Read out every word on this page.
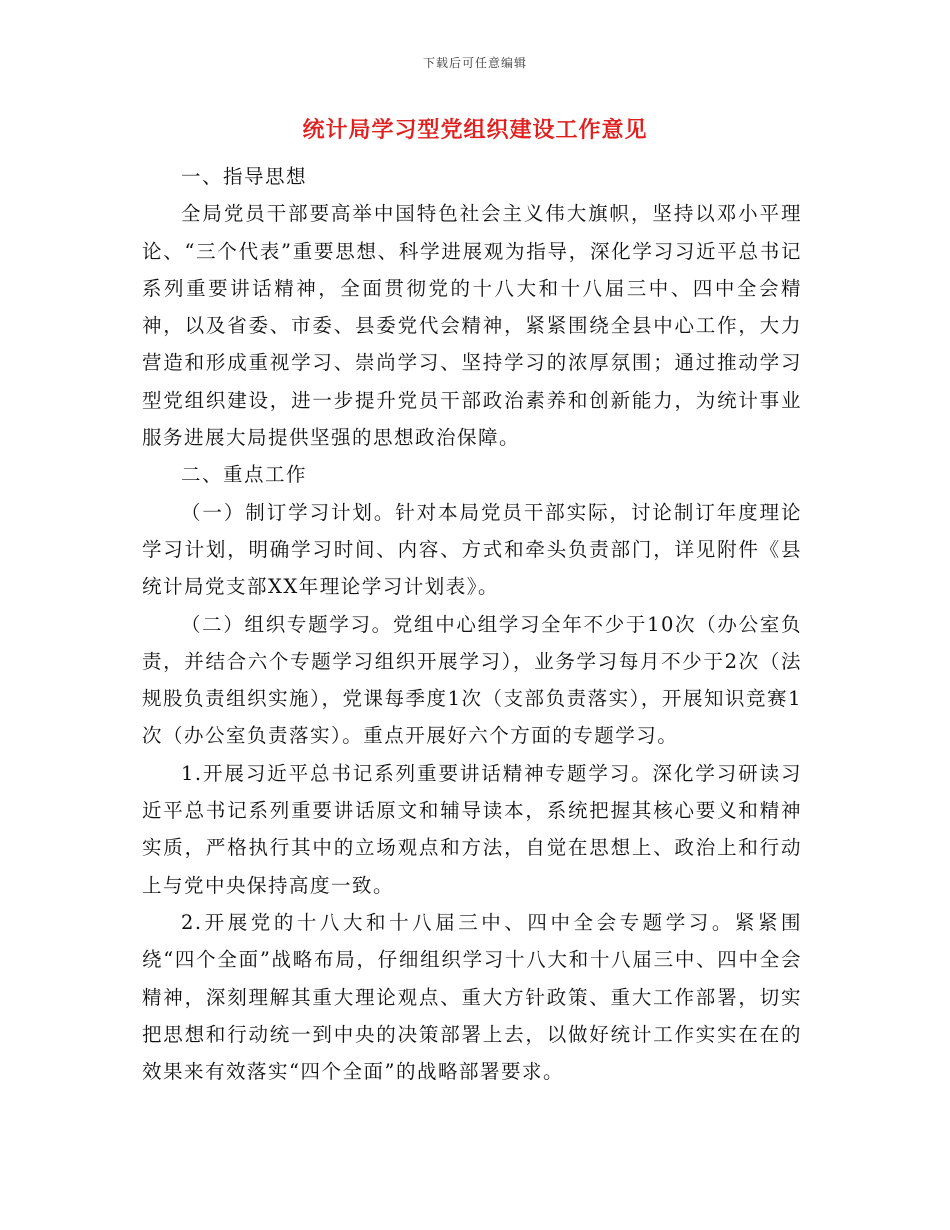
下载后可任意编辑
统计局学习型党组织建设工作意见

一、指导思想

全局党员干部要高举中国特色社会主义伟大旗帜，坚持以邓小平理论、“三个代表”重要思想、科学进展观为指导，深化学习习近平总书记系列重要讲话精神，全面贯彻党的十八大和十八届三中、四中全会精神，以及省委、市委、县委党代会精神，紧紧围绕全县中心工作，大力营造和形成重视学习、崇尚学习、坚持学习的浓厚氛围；通过推动学习型党组织建设，进一步提升党员干部政治素养和创新能力，为统计事业服务进展大局提供坚强的思想政治保障。

二、重点工作

（一）制订学习计划。针对本局党员干部实际，讨论制订年度理论学习计划，明确学习时间、内容、方式和牵头负责部门，详见附件《县统计局党支部XX年理论学习计划表》。

（二）组织专题学习。党组中心组学习全年不少于10次（办公室负责，并结合六个专题学习组织开展学习），业务学习每月不少于2次（法规股负责组织实施），党课每季度1次（支部负责落实），开展知识竞赛1次（办公室负责落实）。重点开展好六个方面的专题学习。

1.开展习近平总书记系列重要讲话精神专题学习。深化学习研读习近平总书记系列重要讲话原文和辅导读本，系统把握其核心要义和精神实质，严格执行其中的立场观点和方法，自觉在思想上、政治上和行动上与党中央保持高度一致。

2.开展党的十八大和十八届三中、四中全会专题学习。紧紧围绕“四个全面”战略布局，仔细组织学习十八大和十八届三中、四中全会精神，深刻理解其重大理论观点、重大方针政策、重大工作部署，切实把思想和行动统一到中央的决策部署上去，以做好统计工作实实在在的效果来有效落实“四个全面”的战略部署要求。
